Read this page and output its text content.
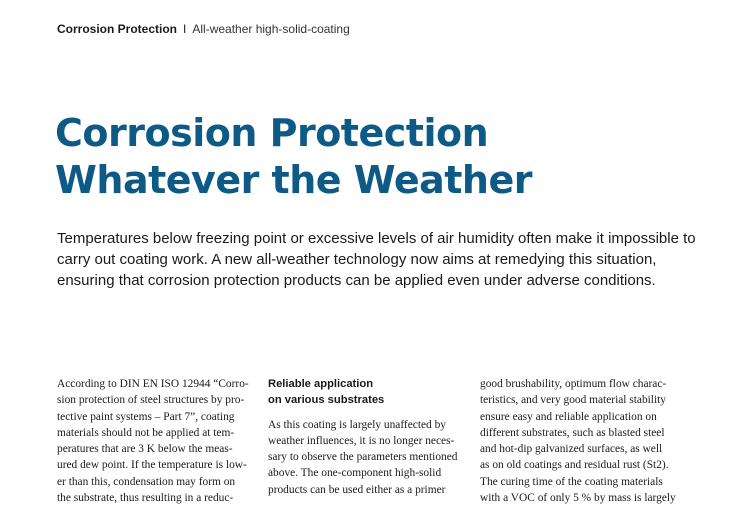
Corrosion Protection I All-weather high-solid-coating
Corrosion Protection
Whatever the Weather

Temperatures below freezing point or excessive levels of air humidity often make it impossible to
carry out coating work. A new all-weather technology now aims at remedying this situation,
ensuring that corrosion protection products can be applied even under adverse conditions.

According to DIN EN ISO 12944 “Corro-
sion protection of steel structures by pro-
tective paint systems – Part 7”, coating
materials should not be applied at tem-
peratures that are 3 K below the meas-
ured dew point. If the temperature is low-
er than this, condensation may form on
the substrate, thus resulting in a reduc-
Reliable application
on various substrates
As this coating is largely unaffected by
weather influences, it is no longer neces-
sary to observe the parameters mentioned
above. The one-component high-solid
products can be used either as a primer
good brushability, optimum flow charac-
teristics, and very good material stability
ensure easy and reliable application on
different substrates, such as blasted steel
and hot-dip galvanized surfaces, as well
as on old coatings and residual rust (St2).
The curing time of the coating materials
with a VOC of only 5 % by mass is largely
